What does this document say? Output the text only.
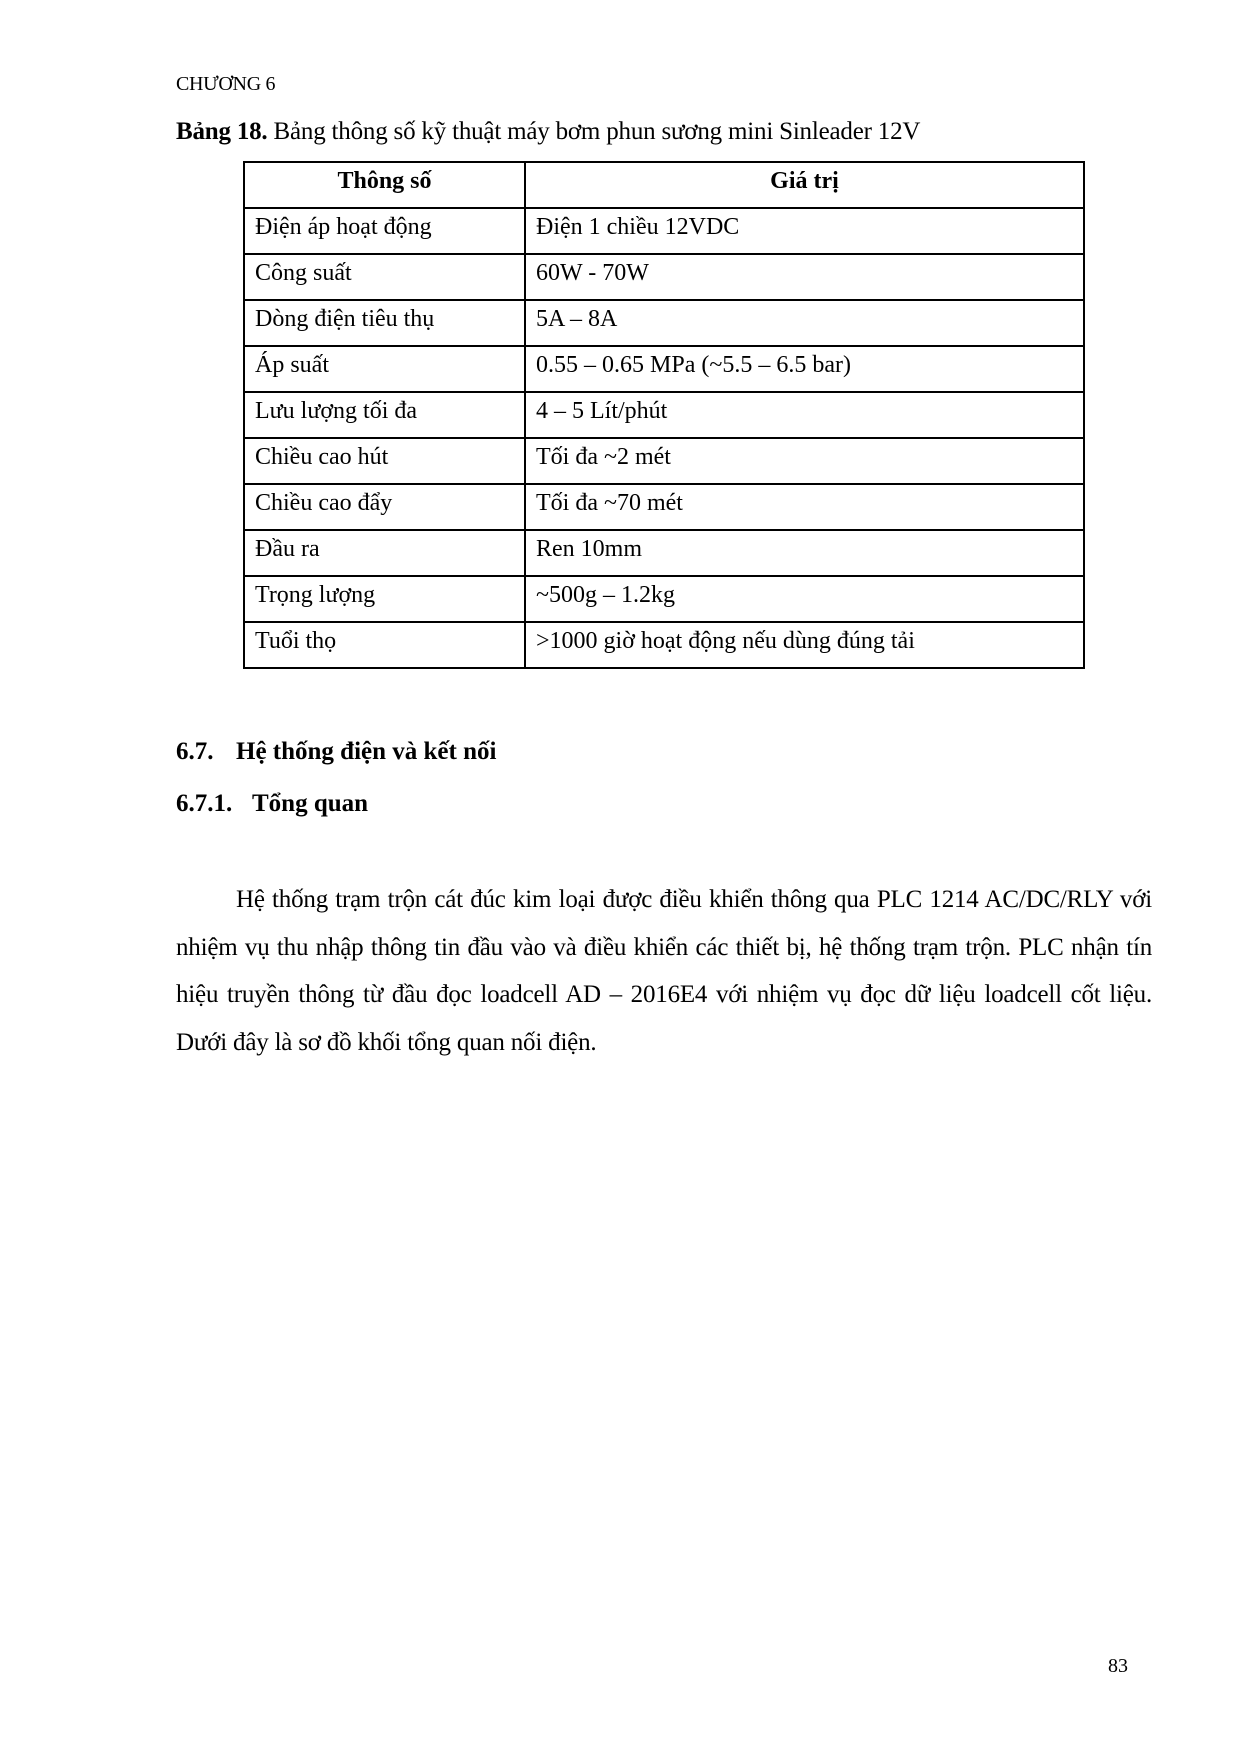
CHƯƠNG 6
Bảng 18. Bảng thông số kỹ thuật máy bơm phun sương mini Sinleader 12V
Thông số	Giá trị
Điện áp hoạt động	Điện 1 chiều 12VDC
Công suất	60W - 70W
Dòng điện tiêu thụ	5A – 8A
Áp suất	0.55 – 0.65 MPa (~5.5 – 6.5 bar)
Lưu lượng tối đa	4 – 5 Lít/phút
Chiều cao hút	Tối đa ~2 mét
Chiều cao đẩy	Tối đa ~70 mét
Đầu ra	Ren 10mm
Trọng lượng	~500g – 1.2kg
Tuổi thọ	>1000 giờ hoạt động nếu dùng đúng tải
6.7. Hệ thống điện và kết nối
6.7.1. Tổng quan

Hệ thống trạm trộn cát đúc kim loại được điều khiển thông qua PLC 1214 AC/DC/RLY với nhiệm vụ thu nhập thông tin đầu vào và điều khiển các thiết bị, hệ thống trạm trộn. PLC nhận tín hiệu truyền thông từ đầu đọc loadcell AD – 2016E4 với nhiệm vụ đọc dữ liệu loadcell cốt liệu. Dưới đây là sơ đồ khối tổng quan nối điện.

83
